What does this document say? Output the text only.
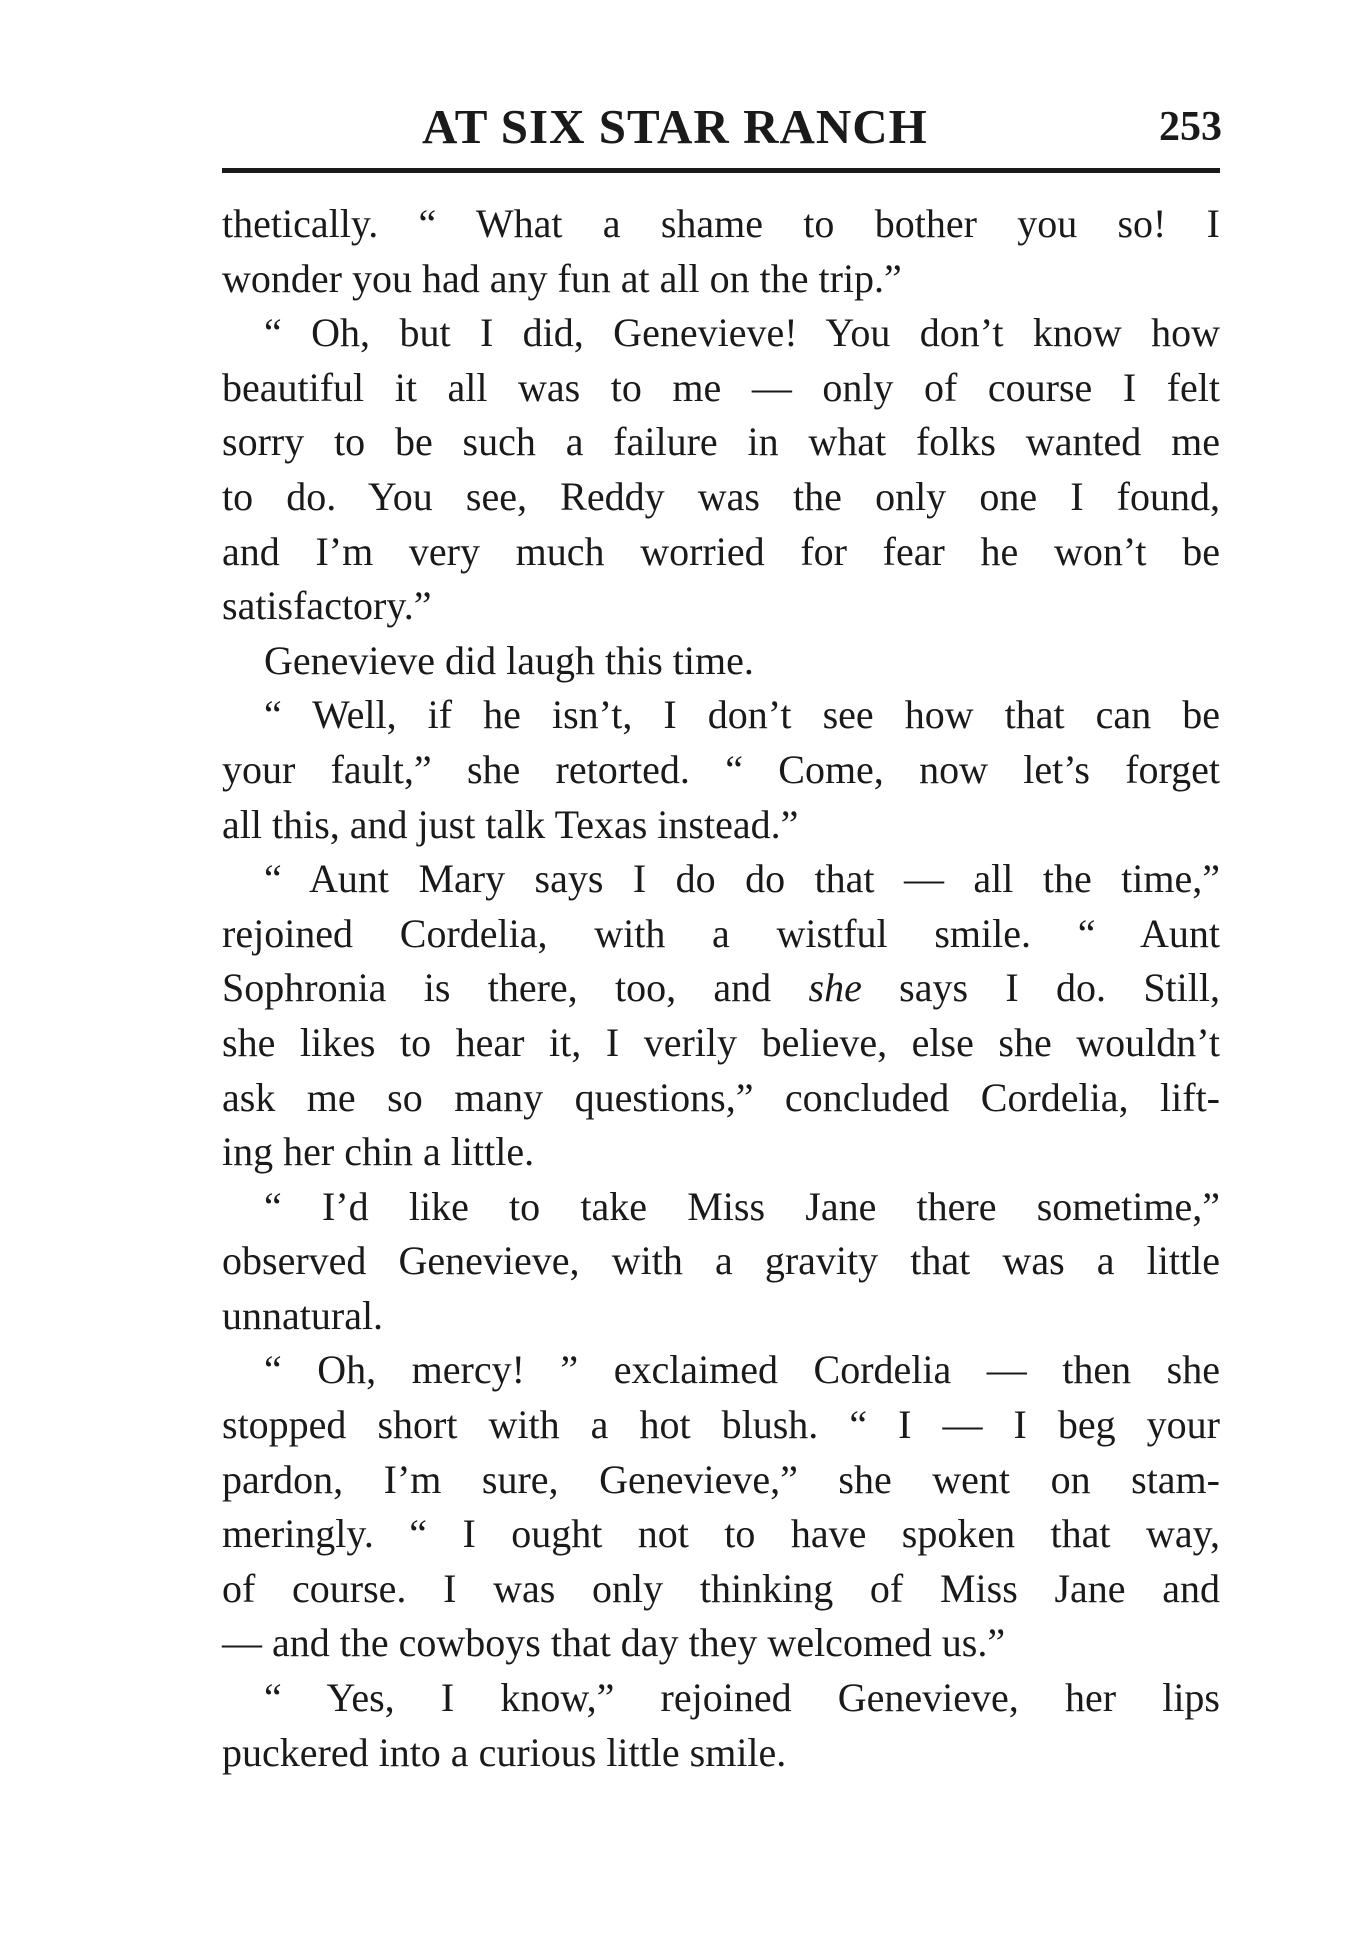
AT SIX STAR RANCH	253
thetically. “ What a shame to bother you so! I
wonder you had any fun at all on the trip.”
“ Oh, but I did, Genevieve! You don’t know how
beautiful it all was to me — only of course I felt
sorry to be such a failure in what folks wanted me
to do. You see, Reddy was the only one I found,
and I’m very much worried for fear he won’t be
satisfactory.”
Genevieve did laugh this time.
“ Well, if he isn’t, I don’t see how that can be
your fault,” she retorted. “ Come, now let’s forget
all this, and just talk Texas instead.”
“ Aunt Mary says I do do that — all the time,”
rejoined Cordelia, with a wistful smile. “ Aunt
Sophronia is there, too, and she says I do. Still,
she likes to hear it, I verily believe, else she wouldn’t
ask me so many questions,” concluded Cordelia, lift-
ing her chin a little.
“ I’d like to take Miss Jane there sometime,”
observed Genevieve, with a gravity that was a little
unnatural.
“ Oh, mercy! ” exclaimed Cordelia — then she
stopped short with a hot blush. “ I — I beg your
pardon, I’m sure, Genevieve,” she went on stam-
meringly. “ I ought not to have spoken that way,
of course. I was only thinking of Miss Jane and
— and the cowboys that day they welcomed us.”
“ Yes, I know,” rejoined Genevieve, her lips
puckered into a curious little smile.
